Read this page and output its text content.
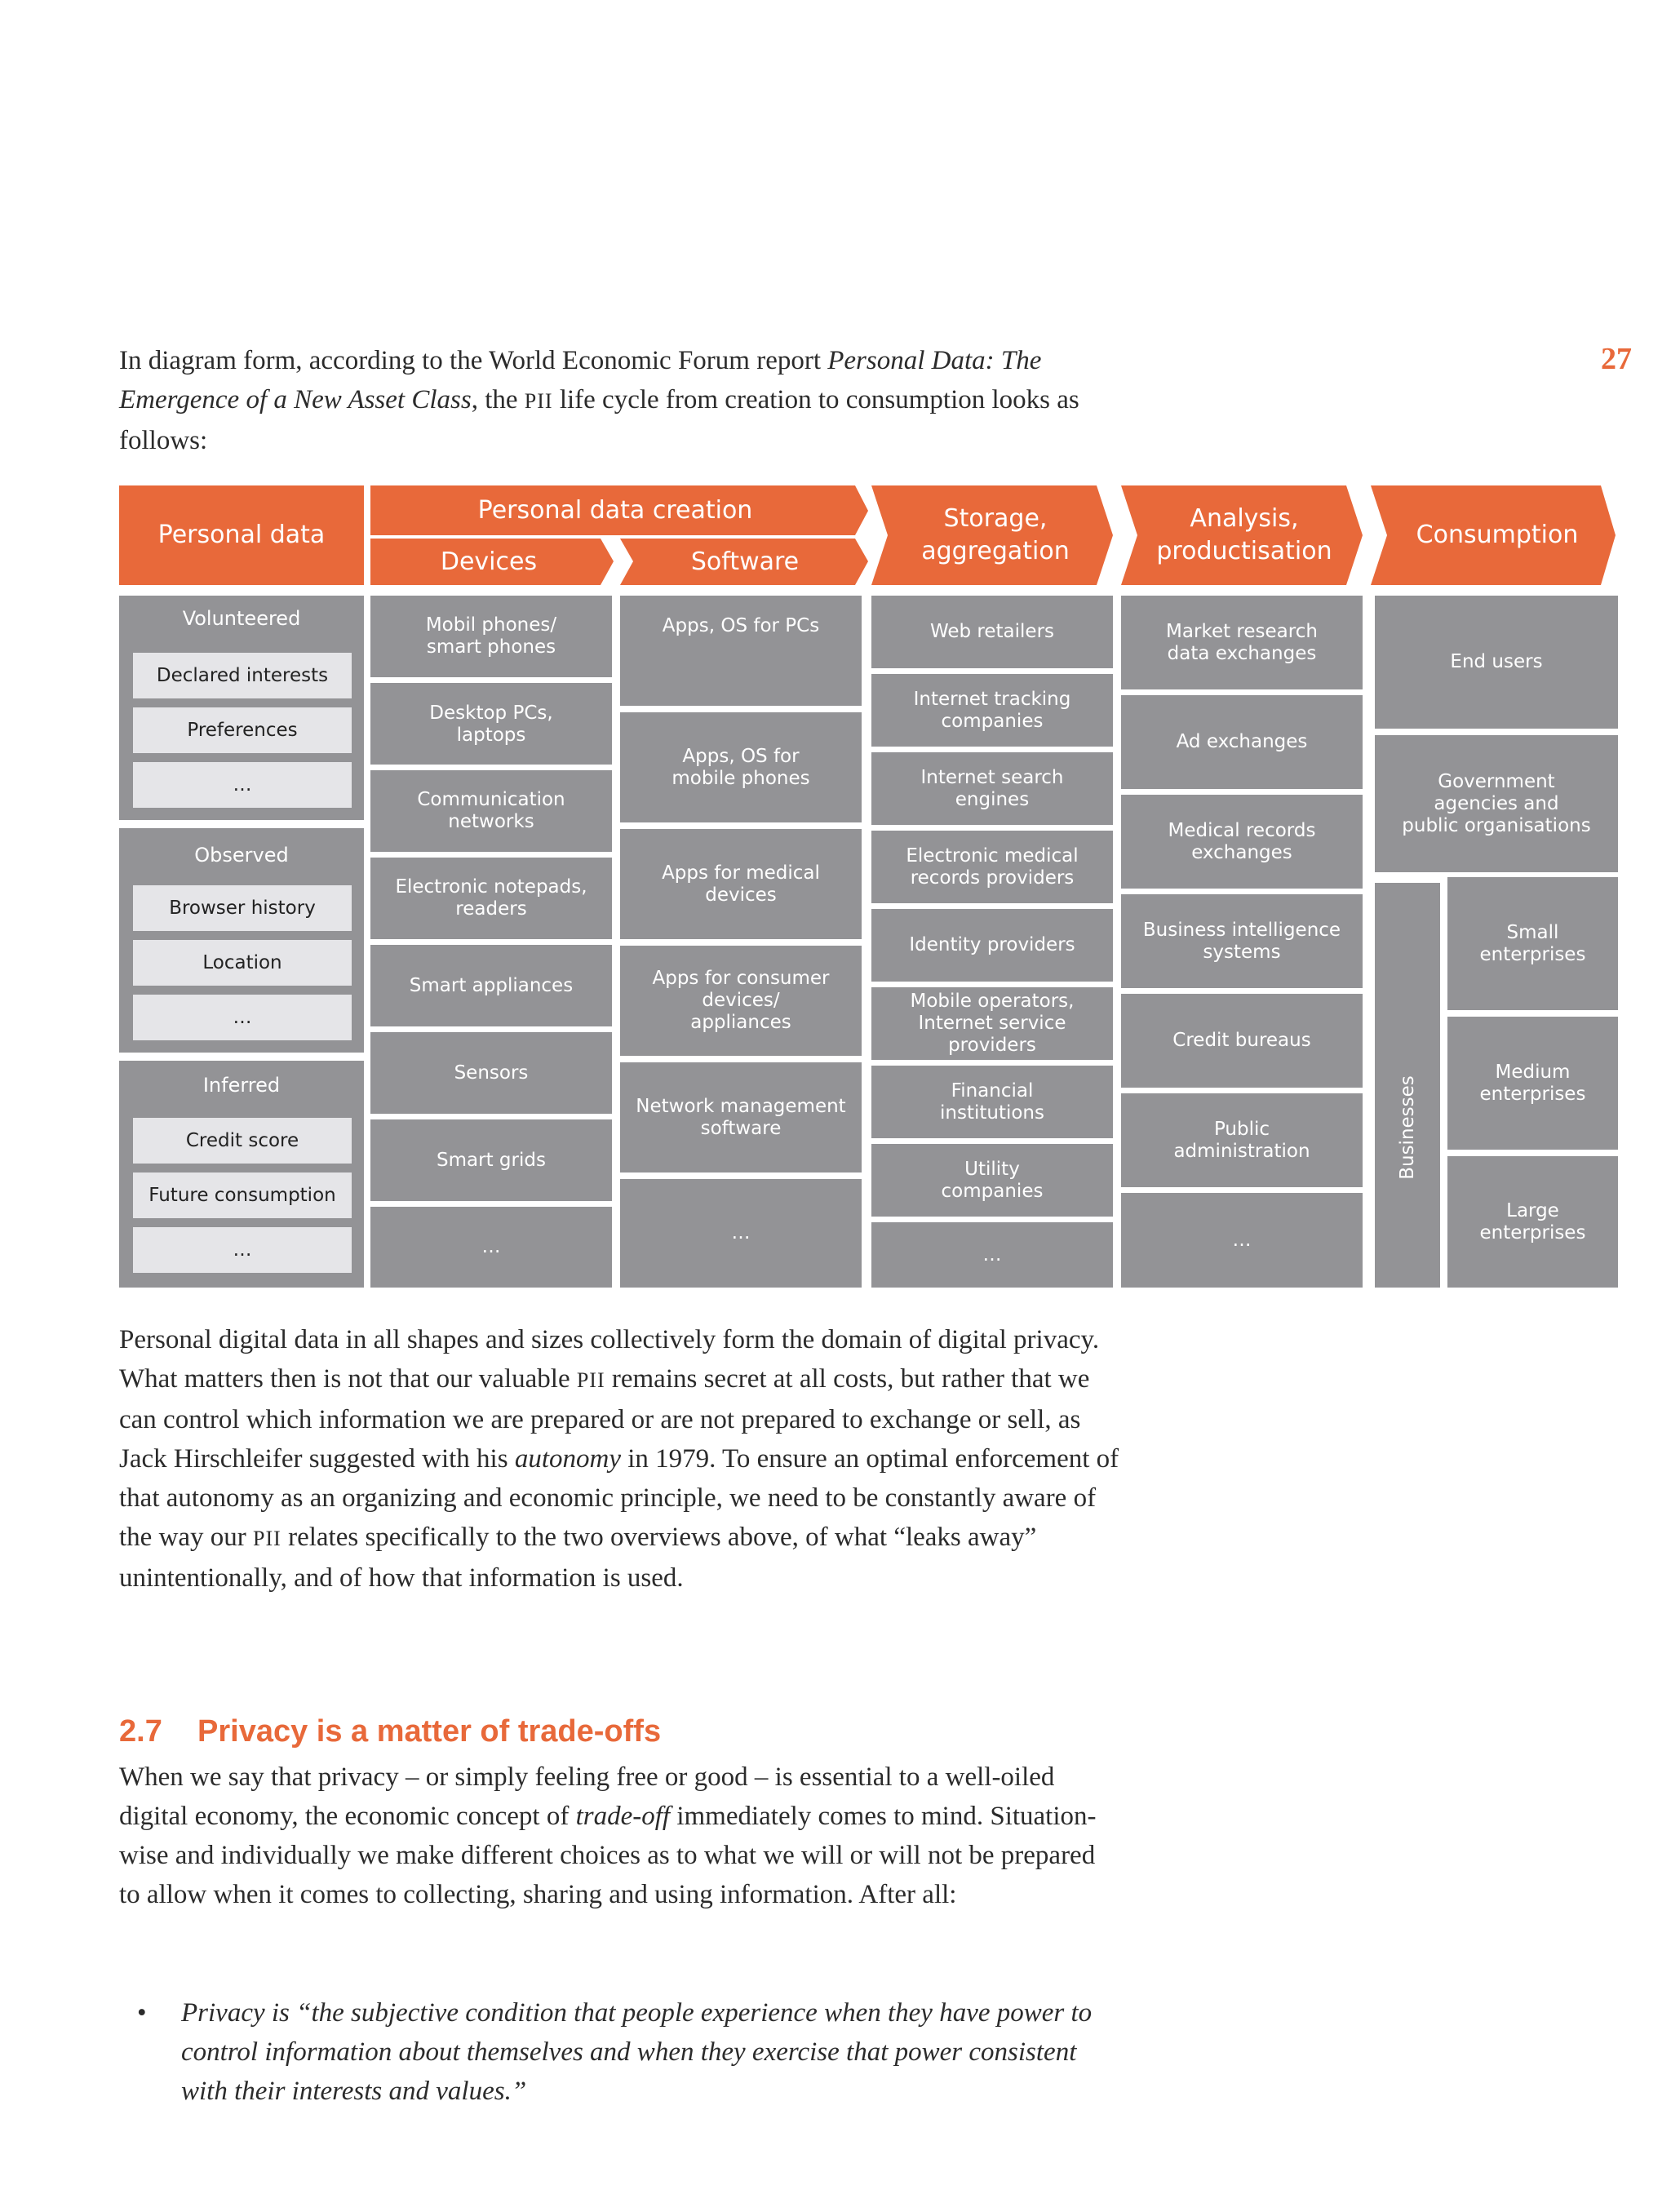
27

In diagram form, according to the World Economic Forum report Personal Data: The Emergence of a New Asset Class, the PII life cycle from creation to consumption looks as follows:

Personal data
Personal data creation
Devices	Software
Storage,
aggregation
Analysis,
productisation
Consumption
Volunteered
Declared interests
Preferences
…
Observed
Browser history
Location
…
Inferred
Credit score
Future consumption
…
Mobil phones/
smart phones
Desktop PCs,
laptops
Communication
networks
Electronic notepads,
readers
Smart appliances
Sensors
Smart grids
…
Apps, OS for PCs
Apps, OS for
mobile phones
Apps for medical
devices
Apps for consumer
devices/
appliances
Network management
software
…
Web retailers
Internet tracking
companies
Internet search
engines
Electronic medical
records providers
Identity providers
Mobile operators,
Internet service
providers
Financial
institutions
Utility
companies
…
Market research
data exchanges
Ad exchanges
Medical records
exchanges
Business intelligence
systems
Credit bureaus
Public
administration
…
End users
Government
agencies and
public organisations
Businesses
Small
enterprises
Medium
enterprises
Large
enterprises

Personal digital data in all shapes and sizes collectively form the domain of digital privacy. What matters then is not that our valuable PII remains secret at all costs, but rather that we can control which information we are prepared or are not prepared to exchange or sell, as Jack Hirschleifer suggested with his autonomy in 1979. To ensure an optimal enforcement of that autonomy as an organizing and economic principle, we need to be constantly aware of the way our PII relates specifically to the two overviews above, of what “leaks away” unintentionally, and of how that information is used.

2.7 Privacy is a matter of trade-offs

When we say that privacy – or simply feeling free or good – is essential to a well-oiled digital economy, the economic concept of trade-off immediately comes to mind. Situation-wise and individually we make different choices as to what we will or will not be prepared to allow when it comes to collecting, sharing and using information. After all:

•	Privacy is “the subjective condition that people experience when they have power to control information about themselves and when they exercise that power consistent with their interests and values.”
